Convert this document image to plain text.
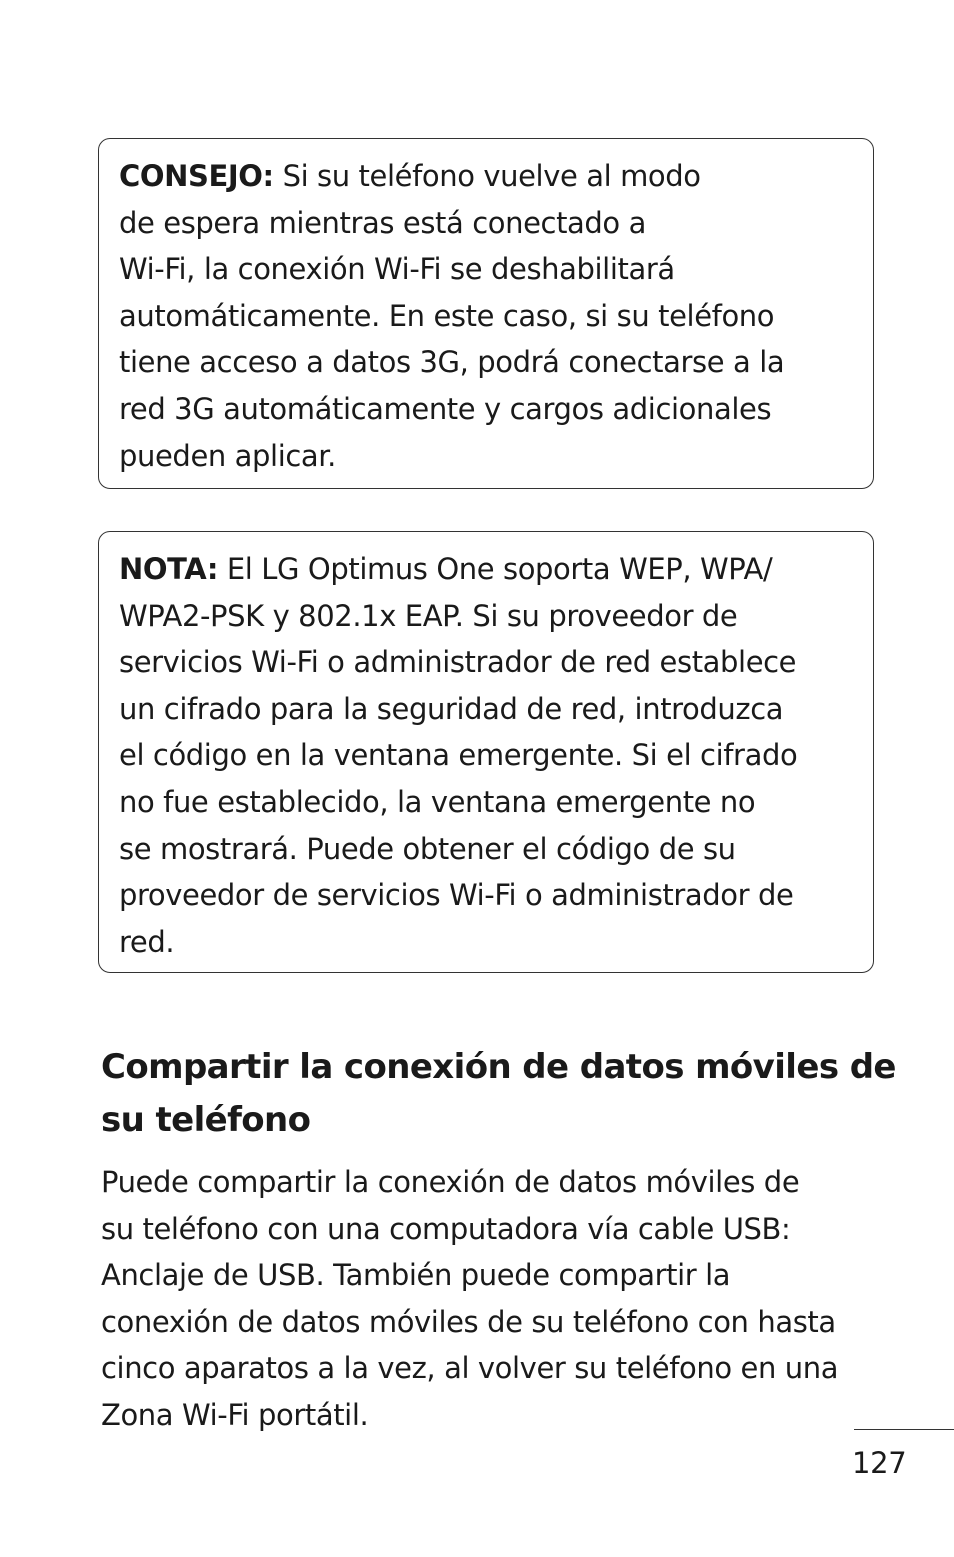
CONSEJO: Si su teléfono vuelve al modo

de espera mientras está conectado a

Wi-Fi, la conexión Wi-Fi se deshabilitará

automáticamente. En este caso, si su teléfono

tiene acceso a datos 3G, podrá conectarse a la

red 3G automáticamente y cargos adicionales

pueden aplicar.

NOTA: El LG Optimus One soporta WEP, WPA/

WPA2-PSK y 802.1x EAP. Si su proveedor de

servicios Wi-Fi o administrador de red establece

un cifrado para la seguridad de red, introduzca

el código en la ventana emergente. Si el cifrado

no fue establecido, la ventana emergente no

se mostrará. Puede obtener el código de su

proveedor de servicios Wi-Fi o administrador de

red.

Compartir la conexión de datos móviles de
su teléfono

Puede compartir la conexión de datos móviles de
su teléfono con una computadora vía cable USB:
Anclaje de USB. También puede compartir la
conexión de datos móviles de su teléfono con hasta
cinco aparatos a la vez, al volver su teléfono en una
Zona Wi-Fi portátil.

127
